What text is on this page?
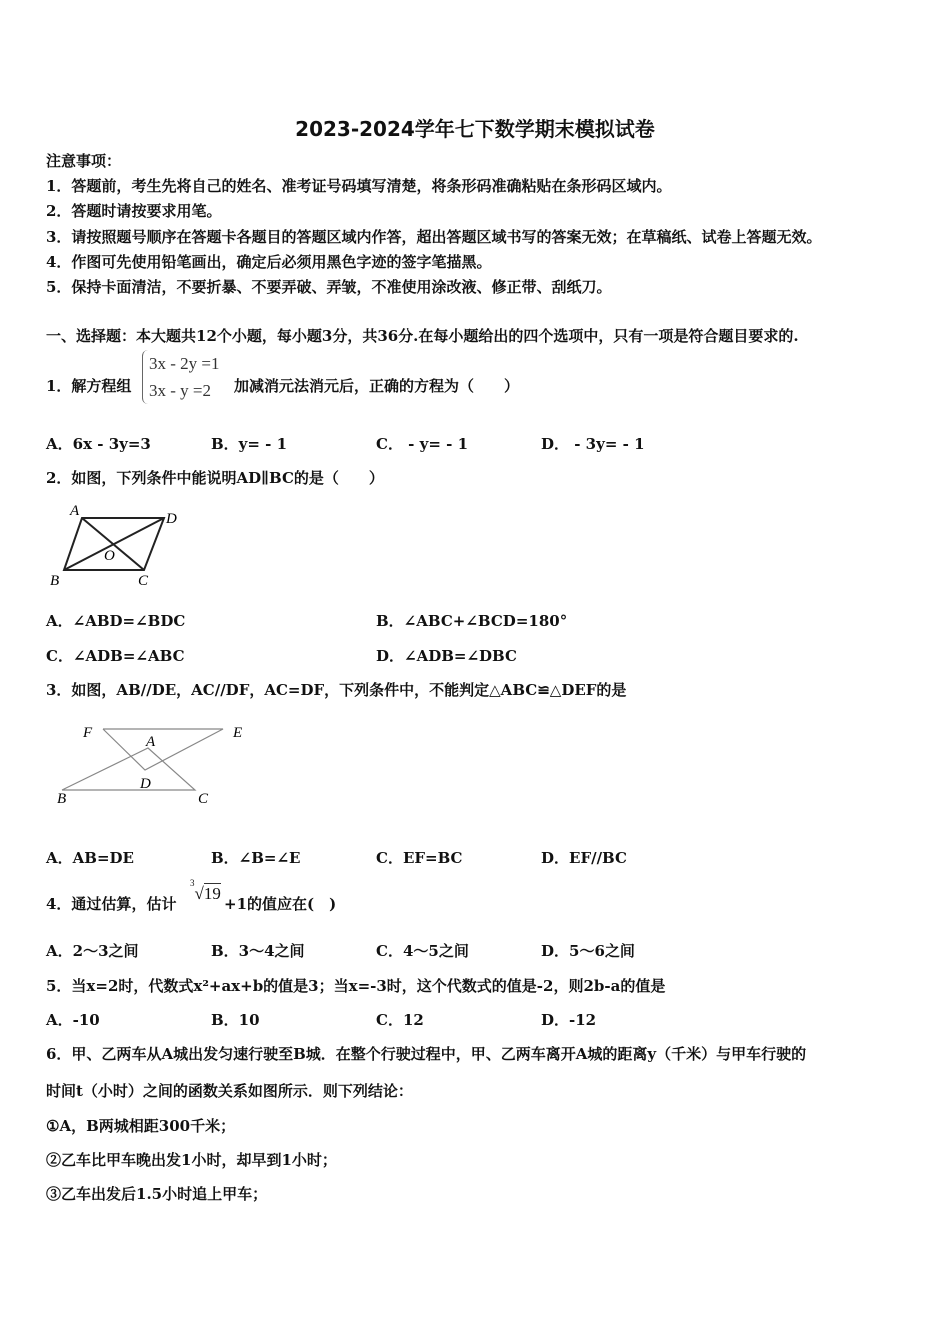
2023-2024学年七下数学期末模拟试卷
注意事项：
1．答题前，考生先将自己的姓名、准考证号码填写清楚，将条形码准确粘贴在条形码区域内。
2．答题时请按要求用笔。
3．请按照题号顺序在答题卡各题目的答题区域内作答，超出答题区域书写的答案无效；在草稿纸、试卷上答题无效。
4．作图可先使用铅笔画出，确定后必须用黑色字迹的签字笔描黑。
5．保持卡面清洁，不要折暴、不要弄破、弄皱，不准使用涂改液、修正带、刮纸刀。
一、选择题：本大题共12个小题，每小题3分，共36分.在每小题给出的四个选项中，只有一项是符合题目要求的.
1．解方程组
3x - 2y =1
3x - y =2	加减消元法消元后，正确的方程为（　　）
A．6x - 3y=3	B．y= - 1	C． - y= - 1	D． - 3y= - 1
2．如图，下列条件中能说明AD∥BC的是（　　）
A	D
O
B	C
A．∠ABD=∠BDC	B．∠ABC+∠BCD=180°
C．∠ADB=∠ABC	D．∠ADB=∠DBC
3．如图，AB//DE，AC//DF，AC=DF，下列条件中，不能判定△ABC≌△DEF的是
F
A
E
D
B	C
A．AB=DE	B．∠B=∠E	C．EF=BC	D．EF//BC
4．通过估算，估计
$^3$√19
+1的值应在(　)
A．2～3之间	B．3～4之间	C．4～5之间	D．5～6之间
5．当x=2时，代数式x²+ax+b的值是3；当x=-3时，这个代数式的值是-2，则2b-a的值是
A．-10	B．10	C．12	D．-12
6．甲、乙两车从A城出发匀速行驶至B城．在整个行驶过程中，甲、乙两车离开A城的距离y（千米）与甲车行驶的
时间t（小时）之间的函数关系如图所示．则下列结论：
①A，B两城相距300千米；
②乙车比甲车晚出发1小时，却早到1小时；
③乙车出发后1.5小时追上甲车；
